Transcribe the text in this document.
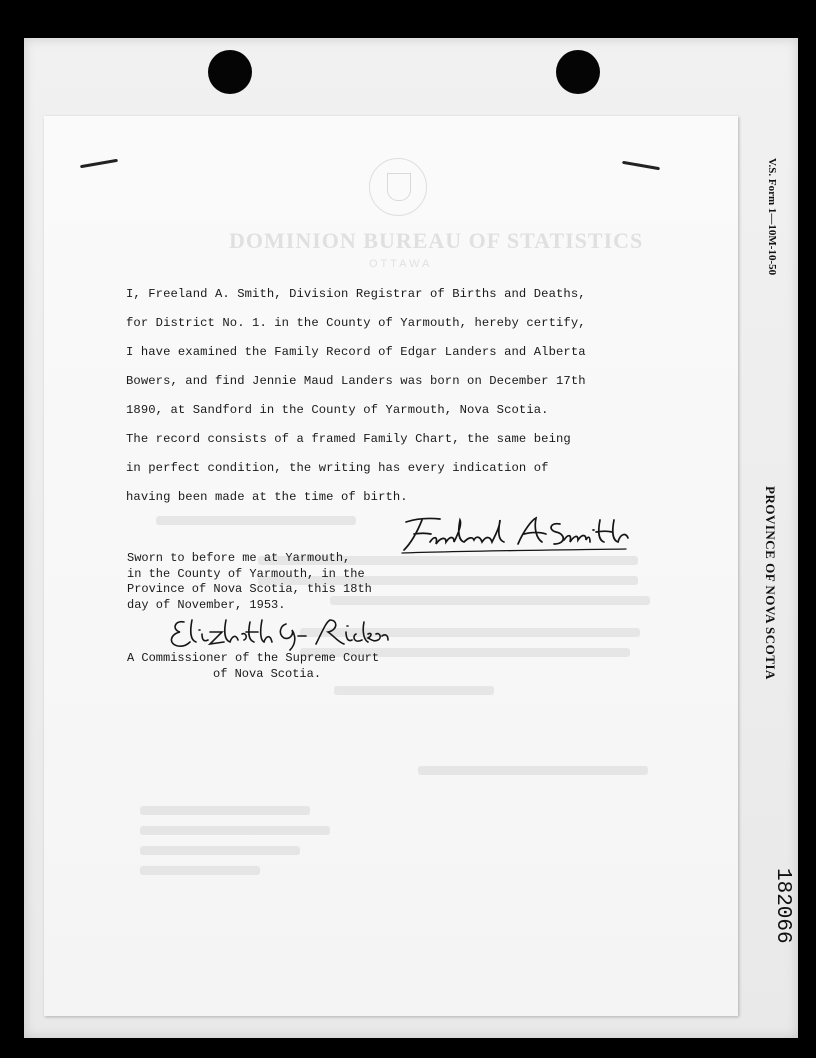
V.S. Form 1—10M-10-50
PROVINCE OF NOVA SCOTIA
182066
DOMINION BUREAU OF STATISTICS
OTTAWA
I, Freeland A. Smith, Division Registrar of Births and Deaths,
for District No. 1. in the County of Yarmouth, hereby certify,
I have examined the Family Record of Edgar Landers and Alberta
Bowers, and find Jennie Maud Landers was born on December 17th
1890, at Sandford in the County of Yarmouth, Nova Scotia.
The record consists of a framed Family Chart, the same being
in perfect condition, the writing has every indication of
having been made at the time of birth.
Sworn to before me at Yarmouth,
in the County of Yarmouth, in the
Province of Nova Scotia, this 18th
day of November, 1953.
A Commissioner of the Supreme Court
of Nova Scotia.
